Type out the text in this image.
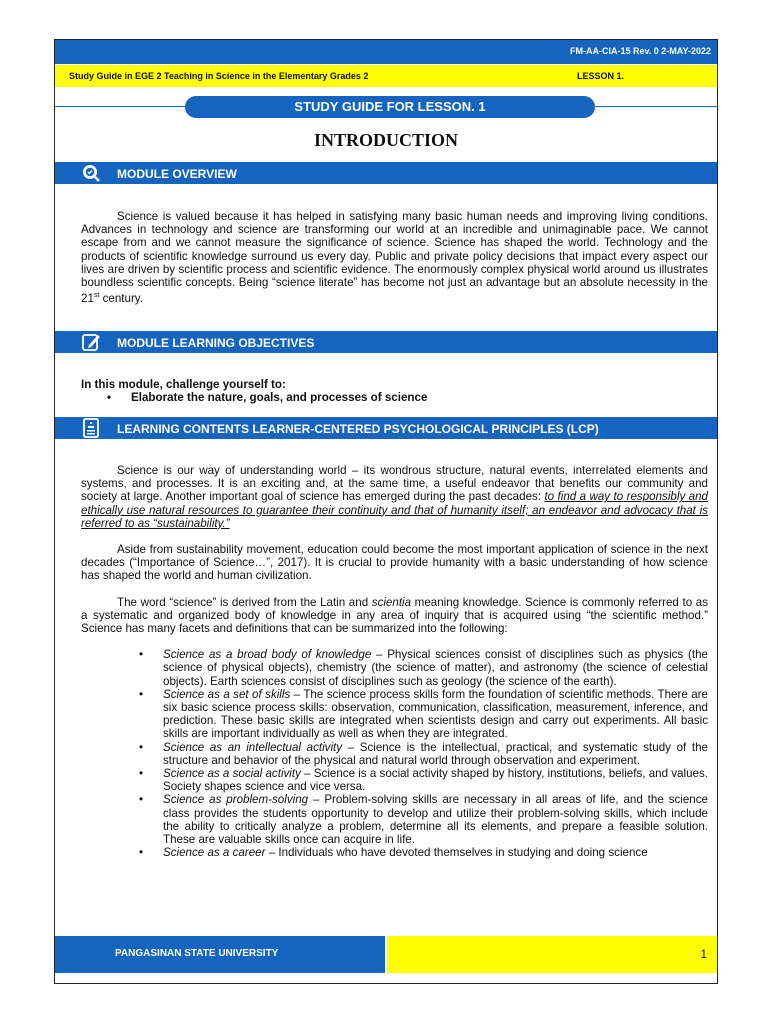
FM-AA-CIA-15 Rev. 0 2-MAY-2022
Study Guide in EGE 2 Teaching in Science in the Elementary Grades 2	LESSON 1.
STUDY GUIDE FOR LESSON. 1
INTRODUCTION
MODULE OVERVIEW

Science is valued because it has helped in satisfying many basic human needs and improving living conditions. Advances in technology and science are transforming our world at an incredible and unimaginable pace. We cannot escape from and we cannot measure the significance of science. Science has shaped the world. Technology and the products of scientific knowledge surround us every day. Public and private policy decisions that impact every aspect our lives are driven by scientific process and scientific evidence. The enormously complex physical world around us illustrates boundless scientific concepts. Being “science literate” has become not just an advantage but an absolute necessity in the 21st century.

MODULE LEARNING OBJECTIVES
In this module, challenge yourself to:
• Elaborate the nature, goals, and processes of science
LEARNING CONTENTS LEARNER-CENTERED PSYCHOLOGICAL PRINCIPLES (LCP)

Science is our way of understanding world – its wondrous structure, natural events, interrelated elements and systems, and processes. It is an exciting and, at the same time, a useful endeavor that benefits our community and society at large. Another important goal of science has emerged during the past decades: to find a way to responsibly and ethically use natural resources to guarantee their continuity and that of humanity itself; an endeavor and advocacy that is referred to as “sustainability.”

Aside from sustainability movement, education could become the most important application of science in the next decades (“Importance of Science…”, 2017). It is crucial to provide humanity with a basic understanding of how science has shaped the world and human civilization.

The word “science” is derived from the Latin and scientia meaning knowledge. Science is commonly referred to as a systematic and organized body of knowledge in any area of inquiry that is acquired using “the scientific method.” Science has many facets and definitions that can be summarized into the following:

• Science as a broad body of knowledge – Physical sciences consist of disciplines such as physics (the science of physical objects), chemistry (the science of matter), and astronomy (the science of celestial objects). Earth sciences consist of disciplines such as geology (the science of the earth).
• Science as a set of skills – The science process skills form the foundation of scientific methods. There are six basic science process skills: observation, communication, classification, measurement, inference, and prediction. These basic skills are integrated when scientists design and carry out experiments. All basic skills are important individually as well as when they are integrated.
• Science as an intellectual activity – Science is the intellectual, practical, and systematic study of the structure and behavior of the physical and natural world through observation and experiment.
• Science as a social activity – Science is a social activity shaped by history, institutions, beliefs, and values. Society shapes science and vice versa.
• Science as problem-solving – Problem-solving skills are necessary in all areas of life, and the science class provides the students opportunity to develop and utilize their problem-solving skills, which include the ability to critically analyze a problem, determine all its elements, and prepare a feasible solution. These are valuable skills once can acquire in life.
• Science as a career – Individuals who have devoted themselves in studying and doing science
PANGASINAN STATE UNIVERSITY	1
